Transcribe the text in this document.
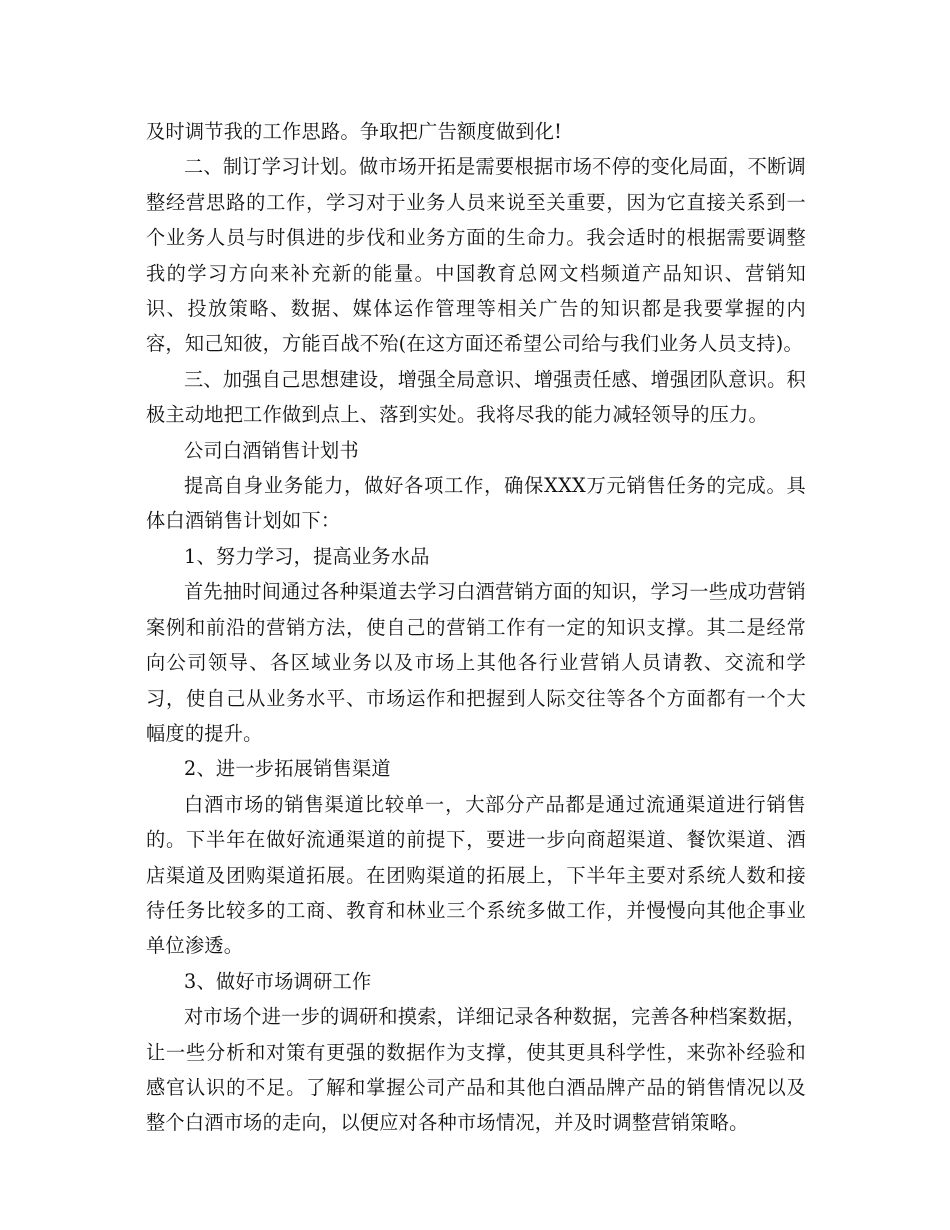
及时调节我的工作思路。争取把广告额度做到化!

二、制订学习计划。做市场开拓是需要根据市场不停的变化局面，不断调整经营思路的工作，学习对于业务人员来说至关重要，因为它直接关系到一个业务人员与时俱进的步伐和业务方面的生命力。我会适时的根据需要调整我的学习方向来补充新的能量。中国教育总网文档频道产品知识、营销知识、投放策略、数据、媒体运作管理等相关广告的知识都是我要掌握的内容，知己知彼，方能百战不殆(在这方面还希望公司给与我们业务人员支持)。

三、加强自己思想建设，增强全局意识、增强责任感、增强团队意识。积极主动地把工作做到点上、落到实处。我将尽我的能力减轻领导的压力。

公司白酒销售计划书

提高自身业务能力，做好各项工作，确保XXX万元销售任务的完成。具体白酒销售计划如下：

1、努力学习，提高业务水品

首先抽时间通过各种渠道去学习白酒营销方面的知识，学习一些成功营销案例和前沿的营销方法，使自己的营销工作有一定的知识支撑。其二是经常向公司领导、各区域业务以及市场上其他各行业营销人员请教、交流和学习，使自己从业务水平、市场运作和把握到人际交往等各个方面都有一个大幅度的提升。

2、进一步拓展销售渠道

白酒市场的销售渠道比较单一，大部分产品都是通过流通渠道进行销售的。下半年在做好流通渠道的前提下，要进一步向商超渠道、餐饮渠道、酒店渠道及团购渠道拓展。在团购渠道的拓展上，下半年主要对系统人数和接待任务比较多的工商、教育和林业三个系统多做工作，并慢慢向其他企事业单位渗透。

3、做好市场调研工作

对市场个进一步的调研和摸索，详细记录各种数据，完善各种档案数据，让一些分析和对策有更强的数据作为支撑，使其更具科学性，来弥补经验和感官认识的不足。了解和掌握公司产品和其他白酒品牌产品的销售情况以及整个白酒市场的走向，以便应对各种市场情况，并及时调整营销策略。
